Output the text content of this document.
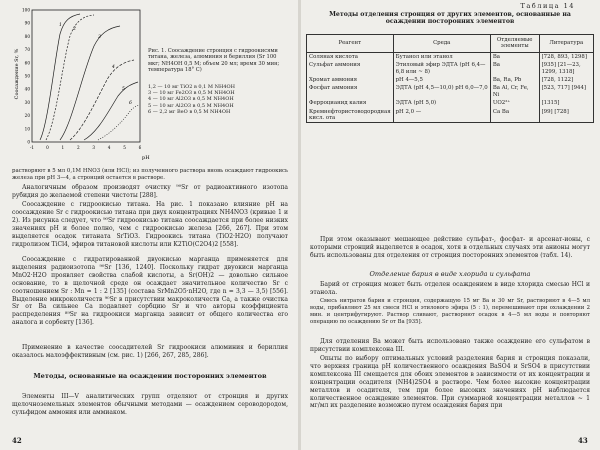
Соосаждение Sr, %
100
90
80
70
60
50
40
30
20
10
0
-1	0	1	2	3	4	5	6
1
2
3
4
5
6
pH
Рис. 1. Соосаждение стронция с гидроокисями титана, железа, алюминия и бериллия (Sr 100 мкг; NH4OH 0,5 M; объем 20 мл; время 30 мин; температура 18° C)
1,2 — 10 мг TiO2 в 0,1 M NH4OH
3 — 10 мг Fe2O3 в 0,5 M NH4OH
4 — 10 мг Al2O3 в 0,5 M NH4OH
5 — 10 мг Al2O3 в 0,5 M NH4OH
6 — 2,2 мг BeO в 0,5 M NH4OH
растворяют в 5 мл 0,1M HNO3 (или HCl); из полученного раствора вновь осаждают гидроокись железа при pH 3—4, а стронций остается в растворе.
Аналогичным образом производят очистку ⁹⁰Sr от радиоактивного изотопа рубидия до желаемой степени чистоты [288].
Соосаждение с гидроокисью титана. На рис. 1 показано влияние pH на соосаждение Sr с гидроокисью титана при двух концентрациях NH4NO3 (кривые 1 и 2). Из рисунка следует, что ⁹⁰Sr гидроокисью титана соосаждается при более низких значениях pH и более полно, чем с гидроокисью железа [266, 267]. При этом выделяется осадок титаната SrTiO3. Гидроокись титана (TiO2·H2O) получают гидролизом TiCl4, эфиров титановой кислоты или K2TiO(C2O4)2 [558].
Соосаждение с гидратированной двуокисью марганца применяется для выделения радиоизотопа ⁹⁰Sr [136, 1240]. Поскольку гидрат двуокиси марганца MnO2·H2O проявляет свойства слабой кислоты, а Sr(OH)2 — довольно сильное основание, то в щелочной среде он осаждает значительное количество Sr с соотношением Sr : Mn = 1 : 2 [135] (состава SrMn2O5·nH2O, где n = 3,3 — 3,5) [556]. Выделение микроколичеств ⁹⁰Sr в присутствии макроколичеств Ca, а также очистка Sr от Ba сильнее Ca подавляет сорбцию Sr и что авторы коэффициента распределения ⁸⁹Sr на гидроокиси марганца зависит от общего количества его аналога и сорбенту [136].
Применение в качестве соосадителей Sr гидроокиси алюминия и бериллия оказалось малоэффективным (см. рис. 1) [266, 267, 285, 286].
Методы, основанные на осаждении посторонних элементов
Элементы III—V аналитических групп отделяют от стронция и других щелочноземельных элементов обычными методами — осаждением сероводородом, сульфидом аммония или аммиаком.
42
Таблица 14
Методы отделения стронция от других элементов, основанные на осаждении посторонних элементов
Реагент	Среда	Отделяемые элементы	Литература
Соляная кислота	Бутанол или этанол	Ba	[728, 893, 1298]
Сульфат аммония	Этиловый эфир ЭДТА (pH 6,4—6,8 или ~ 8)	Ba	[935] [21—23, 1299, 1318]
Хромат аммония	pH 4—5,5	Ba, Ra, Pb	[728, 1122]
Фосфат аммония	ЭДТА (pH 4,5—10,0) pH 6,0—7,0	Ba Al, Cr, Fe, Ni	[523, 717] [944]
Ферроцианид калия	ЭДТА (pH 5,0)	UO2²⁺	[1315]
Кремнефтористоводородная кисл. ота	pH 2,0 —	Ca Ba	[99] [728]
При этом оказывают мешающее действие сульфат-, фосфат- и арсенат-ионы, с которыми стронций выделяется в осадок, хотя в отдельных случаях эти анионы могут быть использованы для отделения от стронция посторонних элементов (табл. 14).
Отделение бария в виде хлорида и сульфата
Барий от стронция может быть отделен осаждением в виде хлорида смесью HCl и этанола.
Смесь нитратов бария и стронция, содержащую 15 мг Ba и 30 мг Sr, растворяют в 4—5 мл воды, прибавляют 25 мл смеси HCl и этилового эфира (5 : 1), перемешивают при охлаждении 2 мин. и центрифугируют. Раствор сливают, растворяют осадок в 4—5 мл воды и повторяют операцию по осаждению Sr от Ba [935].
Для отделения Ba может быть использовано также осаждение его сульфатом в присутствии комплексона III.
Опыты по выбору оптимальных условий разделения бария и стронция показали, что верхняя граница pH количественного осаждения BaSO4 и SrSO4 в присутствии комплексона III смещается для обоих элементов в зависимости от их концентрации и концентрации осадителя (NH4)2SO4 в растворе. Чем более высокие концентрации металлов и осадителя, тем при более высоких значениях pH наблюдается количественное осаждение элементов. При суммарной концентрации металлов ~ 1 мг/мл их разделение возможно путем осаждения бария при
43
